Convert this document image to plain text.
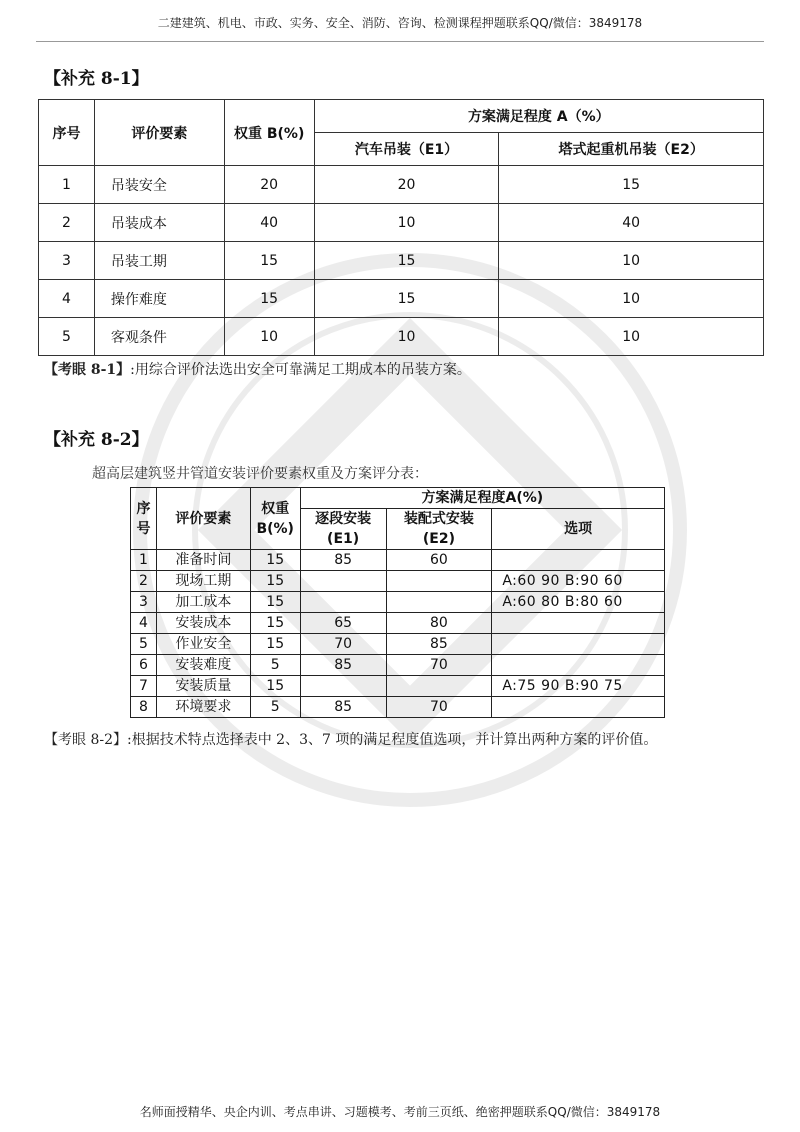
二建建筑、机电、市政、实务、安全、消防、咨询、检测课程押题联系QQ/微信：3849178
【补充 8-1】
序号	评价要素	权重 B(%)	方案满足程度 A（%）	
			汽车吊装（E1）	塔式起重机吊装（E2）
1	吊装安全	20	20	15
2	吊装成本	40	10	40
3	吊装工期	15	15	10
4	操作难度	15	15	10
5	客观条件	10	10	10
【考眼 8-1】:用综合评价法选出安全可靠满足工期成本的吊装方案。
【补充 8-2】
超高层建筑竖井管道安装评价要素权重及方案评分表：
序号	评价要素	权重B(%)	方案满足程度A(%)		
			逐段安装
(E1)	装配式安装
(E2)	选项
1	准备时间	15	85	60	
2	现场工期	15			A:60 90 B:90 60
3	加工成本	15			A:60 80 B:80 60
4	安装成本	15	65	80	
5	作业安全	15	70	85	
6	安装难度	5	85	70	
7	安装质量	15			A:75 90 B:90 75
8	环境要求	5	85	70	
【考眼 8-2】:根据技术特点选择表中 2、3、7 项的满足程度值选项，并计算出两种方案的评价值。
名师面授精华、央企内训、考点串讲、习题模考、考前三页纸、绝密押题联系QQ/微信：3849178
